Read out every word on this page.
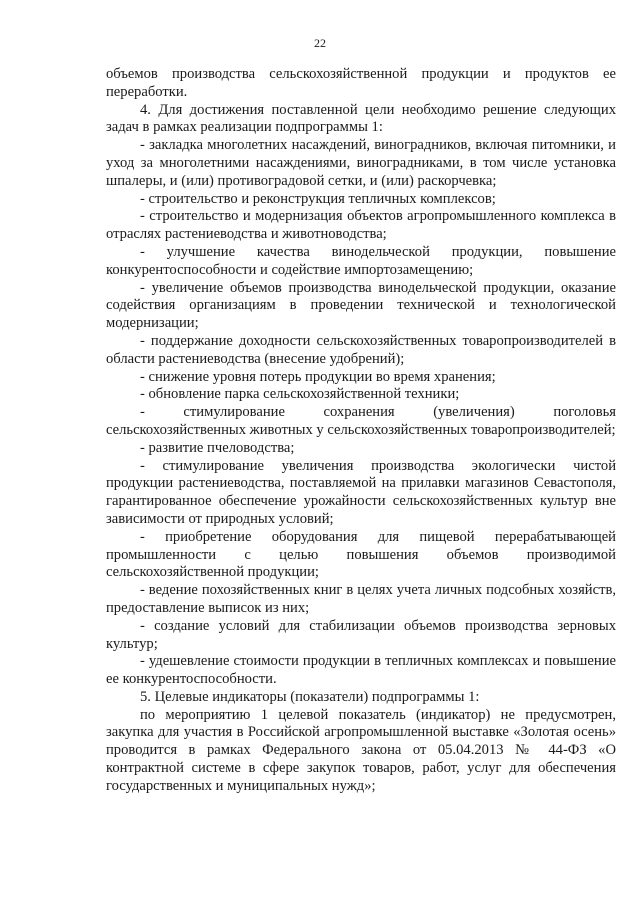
22

объемов производства сельскохозяйственной продукции и продуктов ее переработки.

4. Для достижения поставленной цели необходимо решение следующих задач в рамках реализации подпрограммы 1:

- закладка многолетних насаждений, виноградников, включая питомники, и уход за многолетними насаждениями, виноградниками, в том числе установка шпалеры, и (или) противоградовой сетки, и (или) раскорчевка;

- строительство и реконструкция тепличных комплексов;

- строительство и модернизация объектов агропромышленного комплекса в отраслях растениеводства и животноводства;

- улучшение качества винодельческой продукции, повышение конкурентоспособности и содействие импортозамещению;

- увеличение объемов производства винодельческой продукции, оказание содействия организациям в проведении технической и технологической модернизации;

- поддержание доходности сельскохозяйственных товаропроизводителей в области растениеводства (внесение удобрений);

- снижение уровня потерь продукции во время хранения;

- обновление парка сельскохозяйственной техники;

- стимулирование сохранения (увеличения) поголовья сельскохозяйственных животных у сельскохозяйственных товаропроизводителей;

- развитие пчеловодства;

- стимулирование увеличения производства экологически чистой продукции растениеводства, поставляемой на прилавки магазинов Севастополя, гарантированное обеспечение урожайности сельскохозяйственных культур вне зависимости от природных условий;

- приобретение оборудования для пищевой перерабатывающей промышленности с целью повышения объемов производимой сельскохозяйственной продукции;

- ведение похозяйственных книг в целях учета личных подсобных хозяйств, предоставление выписок из них;

- создание условий для стабилизации объемов производства зерновых культур;

- удешевление стоимости продукции в тепличных комплексах и повышение ее конкурентоспособности.

5. Целевые индикаторы (показатели) подпрограммы 1:

по мероприятию 1 целевой показатель (индикатор) не предусмотрен, закупка для участия в Российской агропромышленной выставке «Золотая осень» проводится в рамках Федерального закона от 05.04.2013 № 44-ФЗ «О контрактной системе в сфере закупок товаров, работ, услуг для обеспечения государственных и муниципальных нужд»;
